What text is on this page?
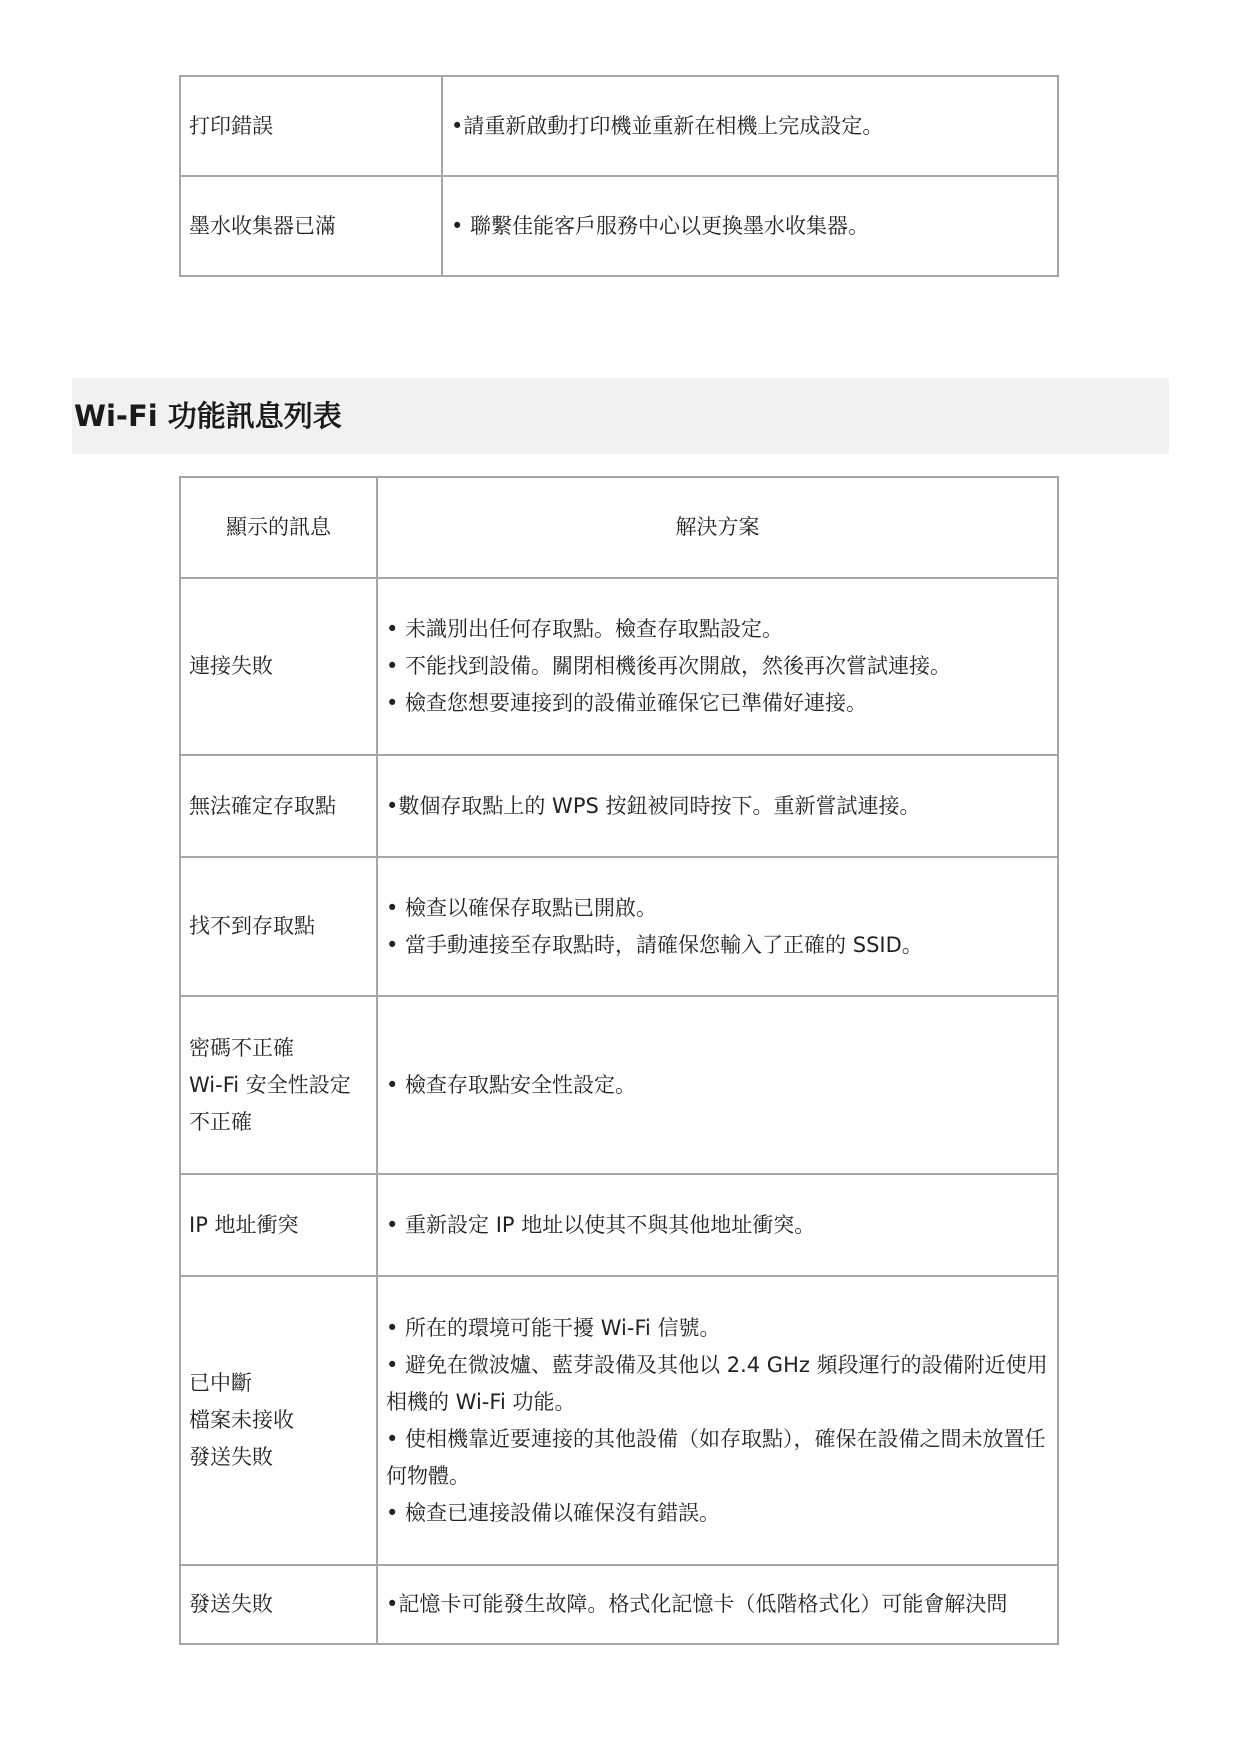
打印錯誤	•請重新啟動打印機並重新在相機上完成設定。
墨水收集器已滿	• 聯繫佳能客戶服務中心以更換墨水收集器。
Wi-Fi 功能訊息列表
顯示的訊息	解決方案

連接失敗	• 未識別出任何存取點。檢查存取點設定。
• 不能找到設備。關閉相機後再次開啟，然後再次嘗試連接。
• 檢查您想要連接到的設備並確保它已準備好連接。

無法確定存取點	•數個存取點上的 WPS 按鈕被同時按下。重新嘗試連接。

找不到存取點	• 檢查以確保存取點已開啟。
• 當手動連接至存取點時，請確保您輸入了正確的 SSID。

密碼不正確
Wi-Fi 安全性設定
不正確	• 檢查存取點安全性設定。

IP 地址衝突	• 重新設定 IP 地址以使其不與其他地址衝突。

已中斷
檔案未接收
發送失敗	• 所在的環境可能干擾 Wi-Fi 信號。
• 避免在微波爐、藍芽設備及其他以 2.4 GHz 頻段運行的設備附近使用相機的 Wi-Fi 功能。
• 使相機靠近要連接的其他設備（如存取點），確保在設備之間未放置任何物體。
• 檢查已連接設備以確保沒有錯誤。

發送失敗	•記憶卡可能發生故障。格式化記憶卡（低階格式化）可能會解決問
